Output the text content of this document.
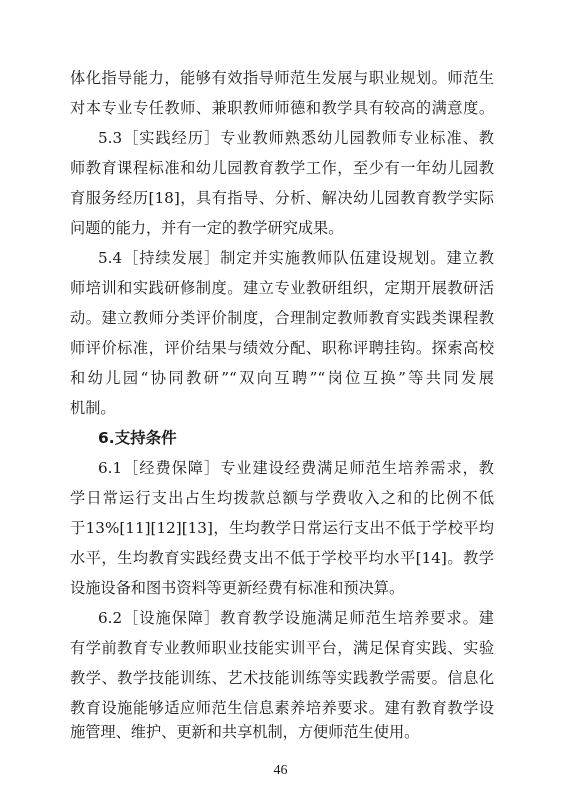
体化指导能力，能够有效指导师范生发展与职业规划。师范生
对本专业专任教师、兼职教师师德和教学具有较高的满意度。
5.3［实践经历］专业教师熟悉幼儿园教师专业标准、教
师教育课程标准和幼儿园教育教学工作，至少有一年幼儿园教
育服务经历[18]，具有指导、分析、解决幼儿园教育教学实际
问题的能力，并有一定的教学研究成果。
5.4［持续发展］制定并实施教师队伍建设规划。建立教
师培训和实践研修制度。建立专业教研组织，定期开展教研活
动。建立教师分类评价制度，合理制定教师教育实践类课程教
师评价标准，评价结果与绩效分配、职称评聘挂钩。探索高校
和幼儿园“协同教研”“双向互聘”“岗位互换”等共同发展
机制。
6.支持条件
6.1［经费保障］专业建设经费满足师范生培养需求，教
学日常运行支出占生均拨款总额与学费收入之和的比例不低
于13%[11][12][13]，生均教学日常运行支出不低于学校平均
水平，生均教育实践经费支出不低于学校平均水平[14]。教学
设施设备和图书资料等更新经费有标准和预决算。
6.2［设施保障］教育教学设施满足师范生培养要求。建
有学前教育专业教师职业技能实训平台，满足保育实践、实验
教学、教学技能训练、艺术技能训练等实践教学需要。信息化
教育设施能够适应师范生信息素养培养要求。建有教育教学设
46
施管理、维护、更新和共享机制，方便师范生使用。
